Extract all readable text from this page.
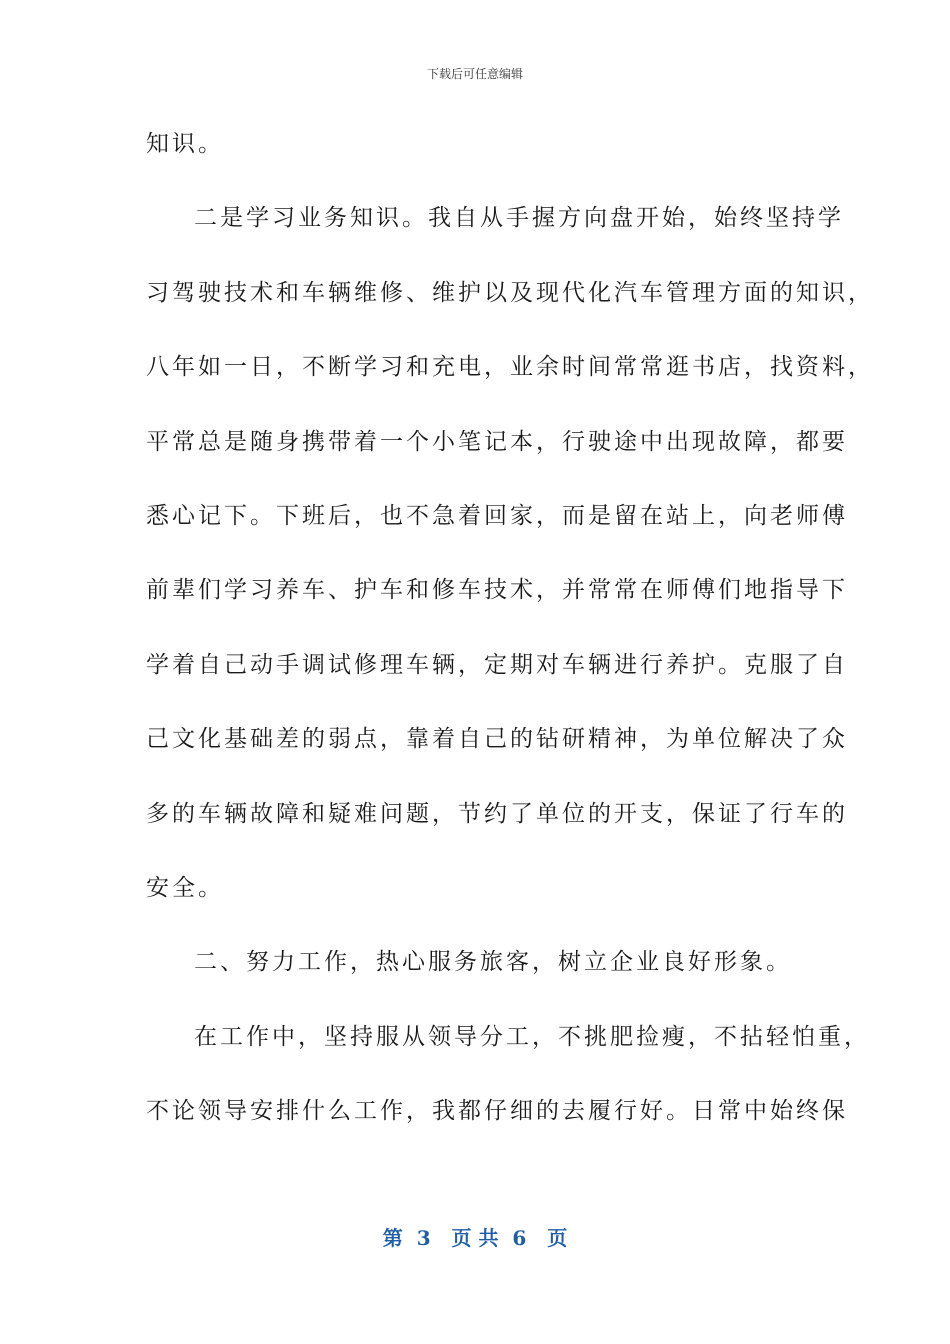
下载后可任意编辑
知识。
二是学习业务知识。我自从手握方向盘开始，始终坚持学
习驾驶技术和车辆维修、维护以及现代化汽车管理方面的知识，
八年如一日，不断学习和充电，业余时间常常逛书店，找资料，
平常总是随身携带着一个小笔记本，行驶途中出现故障，都要
悉心记下。下班后，也不急着回家，而是留在站上，向老师傅
前辈们学习养车、护车和修车技术，并常常在师傅们地指导下
学着自己动手调试修理车辆，定期对车辆进行养护。克服了自
己文化基础差的弱点，靠着自己的钻研精神，为单位解决了众
多的车辆故障和疑难问题，节约了单位的开支，保证了行车的
安全。
二、努力工作，热心服务旅客，树立企业良好形象。
在工作中，坚持服从领导分工，不挑肥捡瘦，不拈轻怕重，
不论领导安排什么工作，我都仔细的去履行好。日常中始终保
第  3   页 共  6   页
